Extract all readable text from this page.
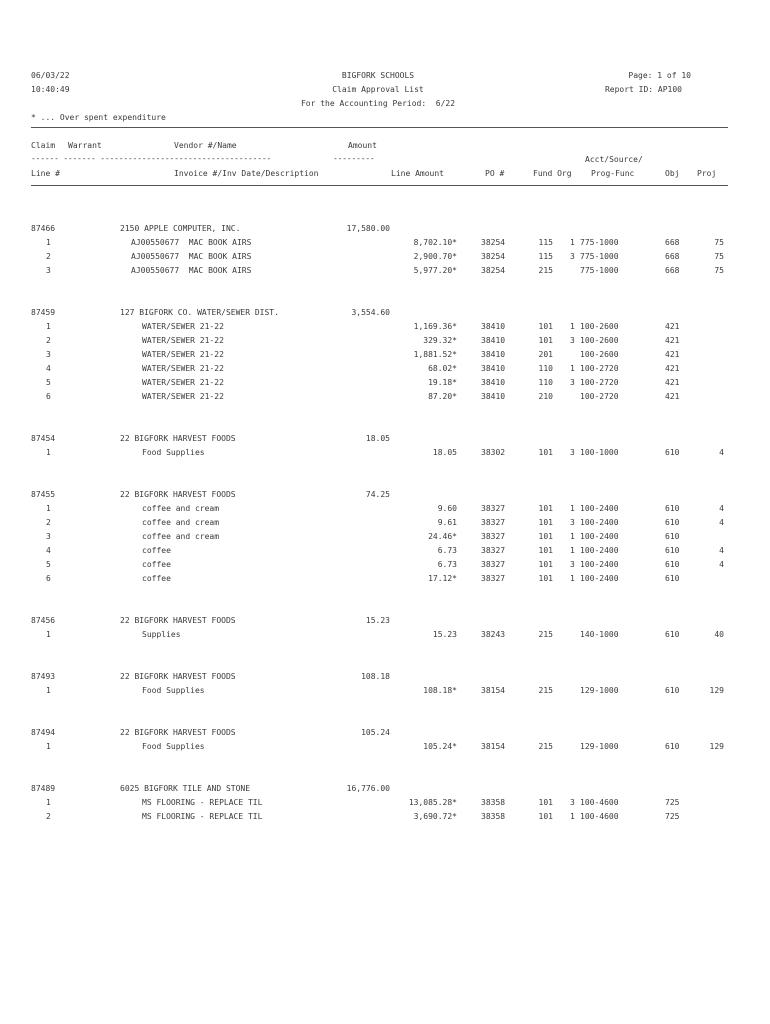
06/03/22
10:40:49
BIGFORK SCHOOLS
Claim Approval List
For the Accounting Period:  6/22
Page: 1 of 10
Report ID: AP100
* ... Over spent expenditure
Claim Warrant	Vendor #/Name	Amount
------ ------- -------------------------------------	---------	Acct/Source/
Line #	Invoice #/Inv Date/Description	Line Amount	PO #	Fund Org Prog-Func	Obj Proj
87466	2150 APPLE COMPUTER, INC.	17,580.00
1	AJ00550677  MAC BOOK AIRS	8,702.10*	38254	115 1 775-1000	668	75
2	AJ00550677  MAC BOOK AIRS	2,900.70*	38254	115 3 775-1000	668	75
3	AJ00550677  MAC BOOK AIRS	5,977.20*	38254	215	775-1000	668	75
87459	127 BIGFORK CO. WATER/SEWER DIST.	3,554.60
1	WATER/SEWER 21-22	1,169.36*	38410	101 1 100-2600	421
2	WATER/SEWER 21-22	329.32*	38410	101 3 100-2600	421
3	WATER/SEWER 21-22	1,881.52*	38410	201	100-2600	421
4	WATER/SEWER 21-22	68.02*	38410	110 1 100-2720	421
5	WATER/SEWER 21-22	19.18*	38410	110 3 100-2720	421
6	WATER/SEWER 21-22	87.20*	38410	210	100-2720	421
87454	22 BIGFORK HARVEST FOODS	18.05
1	Food Supplies	18.05	38302	101 3 100-1000	610	4
87455	22 BIGFORK HARVEST FOODS	74.25
1	coffee and cream	9.60	38327	101 1 100-2400	610	4
2	coffee and cream	9.61	38327	101 3 100-2400	610	4
3	coffee and cream	24.46*	38327	101 1 100-2400	610
4	coffee	6.73	38327	101 1 100-2400	610	4
5	coffee	6.73	38327	101 3 100-2400	610	4
6	coffee	17.12*	38327	101 1 100-2400	610
87456	22 BIGFORK HARVEST FOODS	15.23
1	Supplies	15.23	38243	215	140-1000	610	40
87493	22 BIGFORK HARVEST FOODS	108.18
1	Food Supplies	108.18*	38154	215	129-1000	610	129
87494	22 BIGFORK HARVEST FOODS	105.24
1	Food Supplies	105.24*	38154	215	129-1000	610	129
87489	6025 BIGFORK TILE AND STONE	16,776.00
1	MS FLOORING - REPLACE TIL	13,085.28*	38358	101 3 100-4600	725
2	MS FLOORING - REPLACE TIL	3,690.72*	38358	101 1 100-4600	725
